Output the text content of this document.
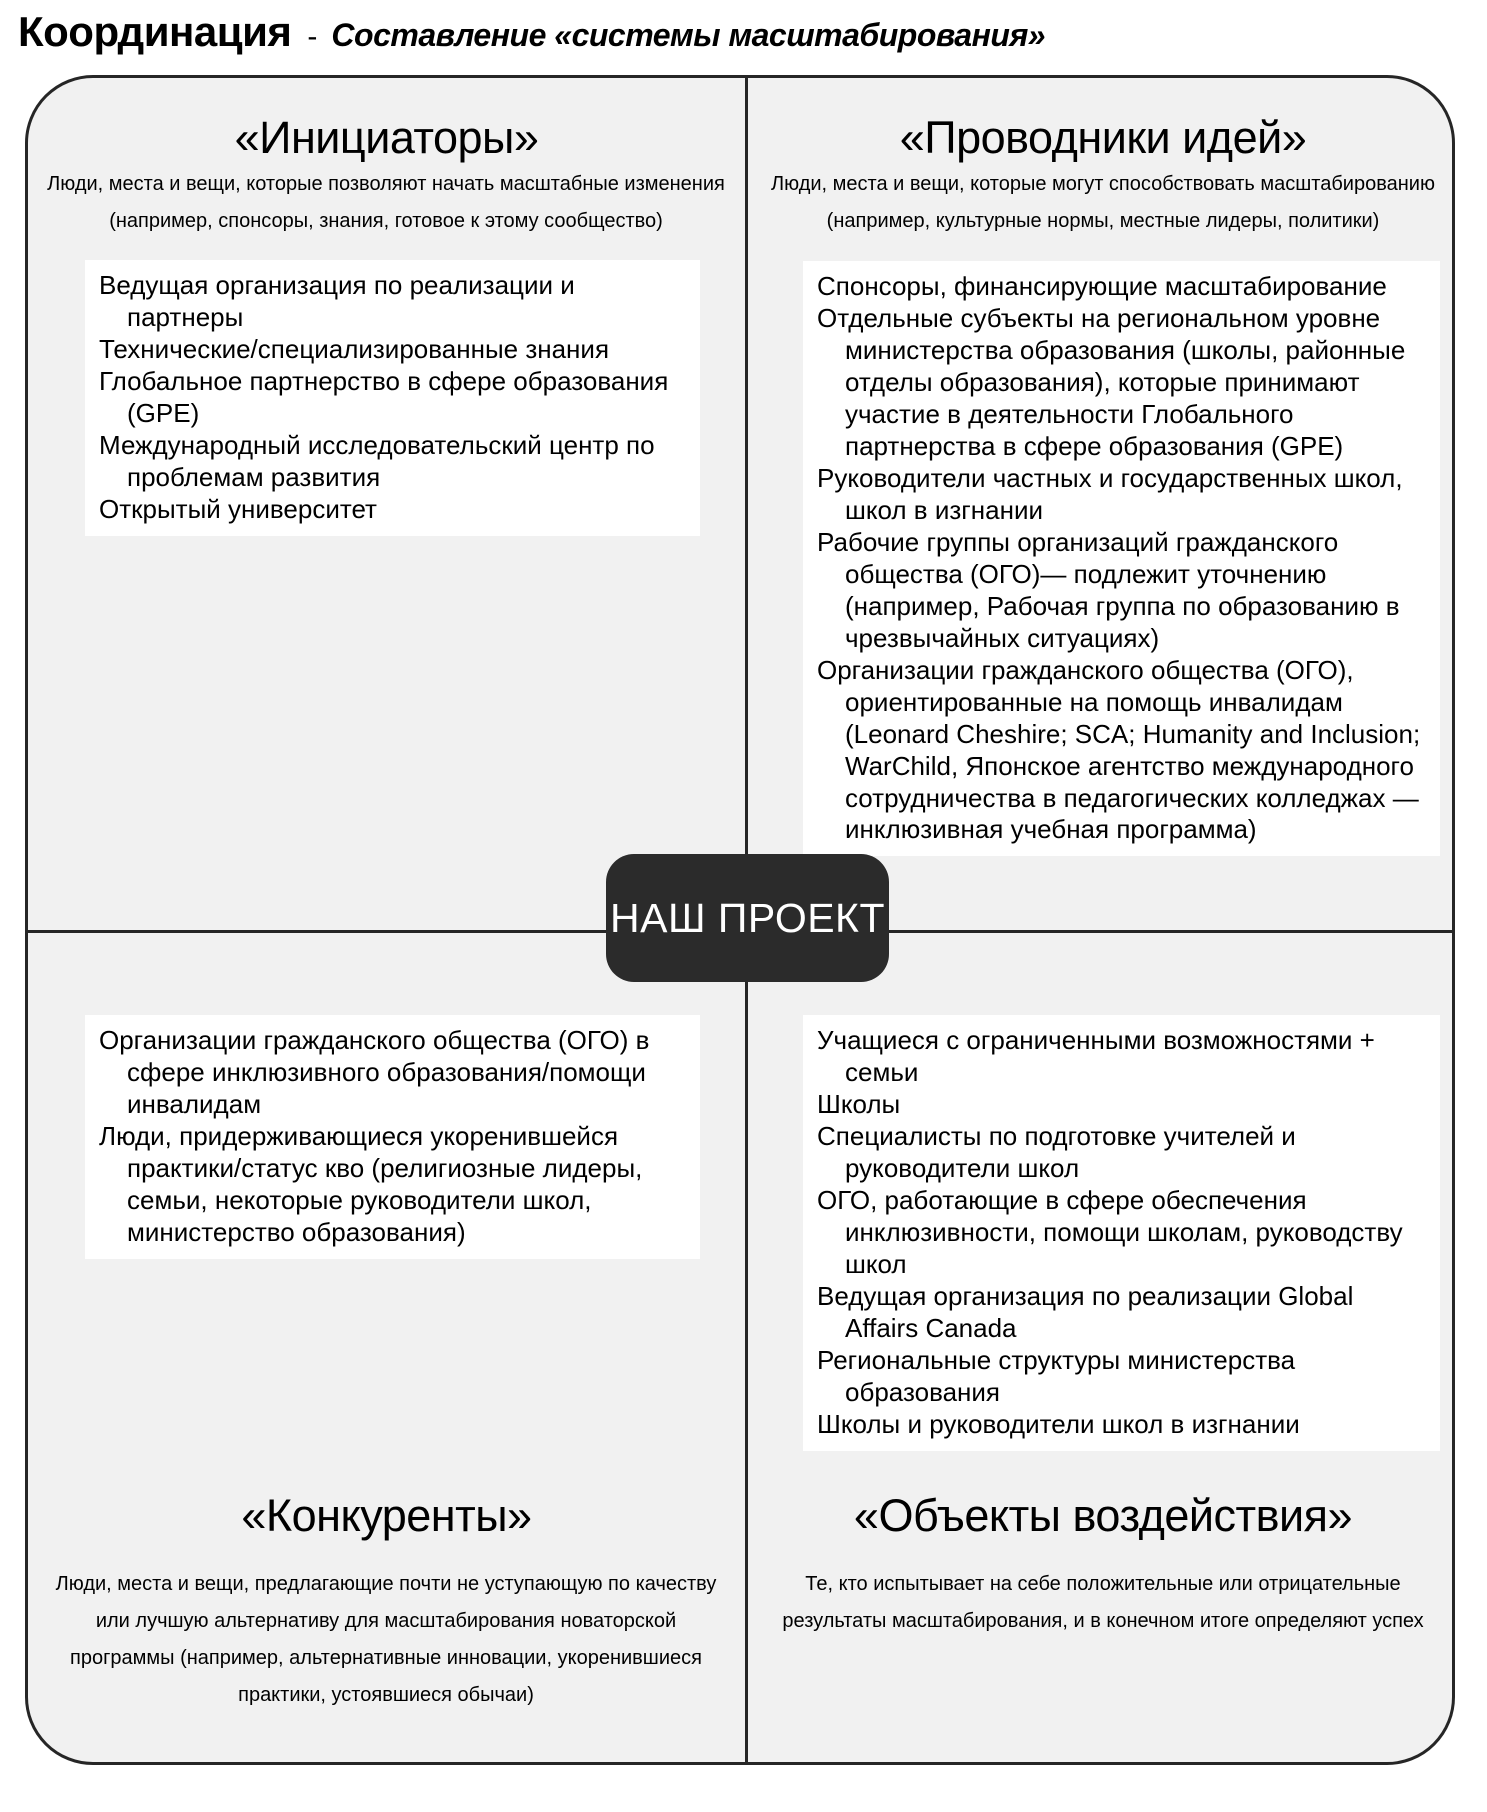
Координация - Составление «системы масштабирования»
«Инициаторы»
Люди, места и вещи, которые позволяют начать масштабные изменения (например, спонсоры, знания, готовое к этому сообщество)
Ведущая организация по реализации и партнеры
Технические/специализированные знания
Глобальное партнерство в сфере образования (GPE)
Международный исследовательский центр по проблемам развития
Открытый университет
«Проводники идей»
Люди, места и вещи, которые могут способствовать масштабированию (например, культурные нормы, местные лидеры, политики)
Спонсоры, финансирующие масштабирование
Отдельные субъекты на региональном уровне министерства образования (школы, районные отделы образования), которые принимают участие в деятельности Глобального партнерства в сфере образования (GPE)
Руководители частных и государственных школ, школ в изгнании
Рабочие группы организаций гражданского общества (ОГО)— подлежит уточнению (например, Рабочая группа по образованию в чрезвычайных ситуациях)
Организации гражданского общества (ОГО), ориентированные на помощь инвалидам (Leonard Cheshire; SCA; Humanity and Inclusion; WarChild, Японское агентство международного сотрудничества в педагогических колледжах — инклюзивная учебная программа)
Организации гражданского общества (ОГО) в сфере инклюзивного образования/помощи инвалидам
Люди, придерживающиеся укоренившейся практики/статус кво (религиозные лидеры, семьи, некоторые руководители школ, министерство образования)
«Конкуренты»
Люди, места и вещи, предлагающие почти не уступающую по качеству или лучшую альтернативу для масштабирования новаторской программы (например, альтернативные инновации, укоренившиеся практики, устоявшиеся обычаи)
Учащиеся с ограниченными возможностями + семьи
Школы
Специалисты по подготовке учителей и руководители школ
ОГО, работающие в сфере обеспечения инклюзивности, помощи школам, руководству школ
Ведущая организация по реализации Global Affairs Canada
Региональные структуры министерства образования
Школы и руководители школ в изгнании
«Объекты воздействия»
Те, кто испытывает на себе положительные или отрицательные результаты масштабирования, и в конечном итоге определяют успех
НАШ ПРОЕКТ
